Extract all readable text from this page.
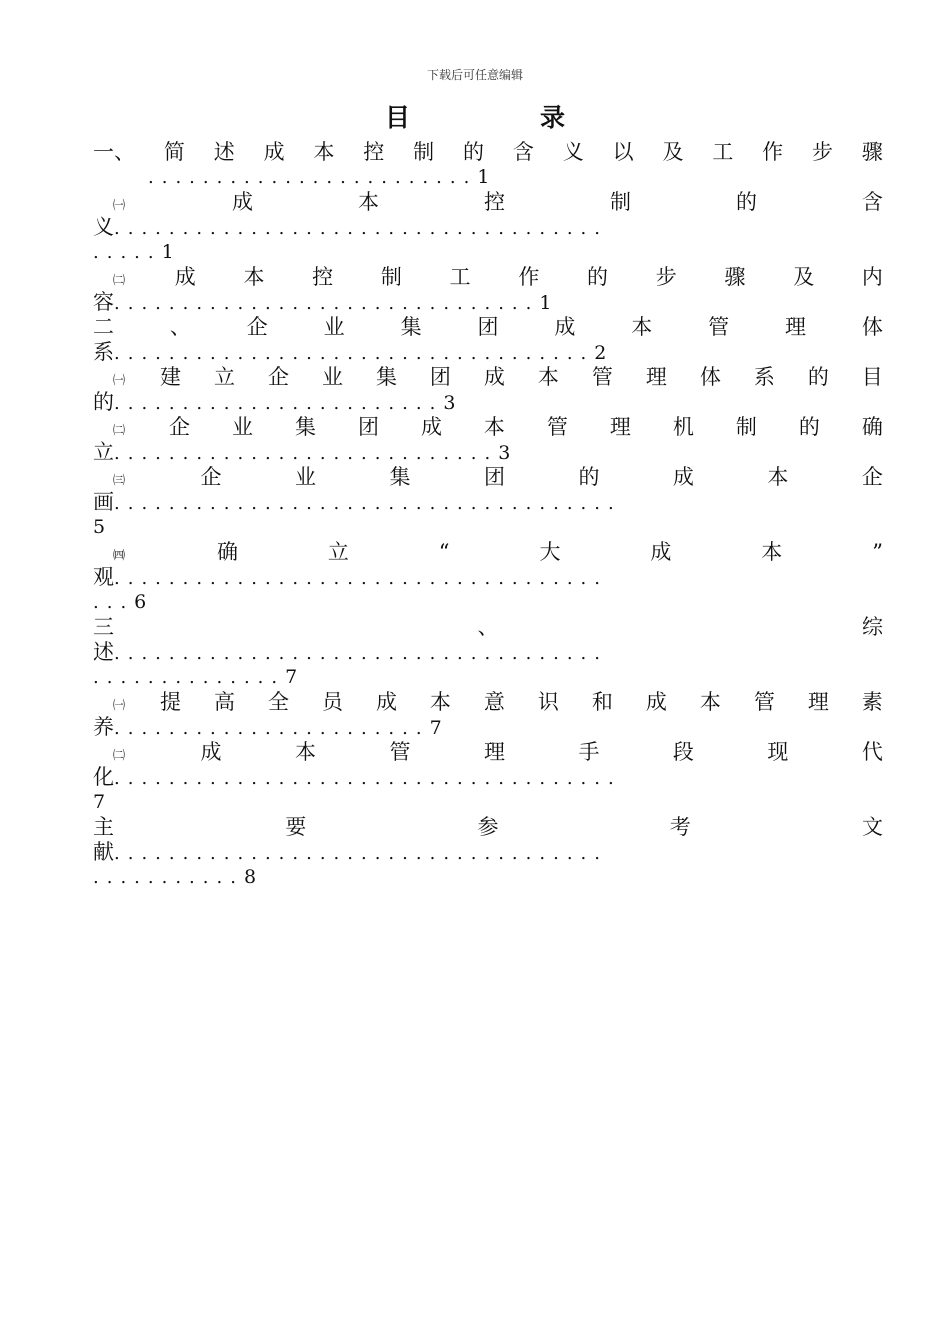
下载后可任意编辑
目	录
一、 简 述 成 本 控 制 的 含 义 以 及 工 作 步 骤
........................ 1
㈠	成	本	控	制	的	含
义 ....................................
..... 1
㈡ 成 本 控 制 工 作 的 步 骤 及 内
容 ............................... 1
二	、	企	业	集	团	成	本	管	理	体
系 ................................... 2
㈠ 建 立 企 业 集 团 成 本 管 理 体 系 的 目
的 ........................ 3
㈡ 企 业 集 团 成 本 管 理 机 制 的 确
立 ............................ 3
㈢	企	业	集	团	的	成	本	企
画 .....................................
5
㈣	确	立	“	大	成	本	”
观 ....................................
... 6
三	、	综
述 ....................................
.............. 7
㈠ 提 高 全 员 成 本 意 识 和 成 本 管 理 素
养 ....................... 7
㈡	成	本	管	理	手	段	现	代
化 .....................................
7
主	要	参	考	文
献 ....................................
........... 8
